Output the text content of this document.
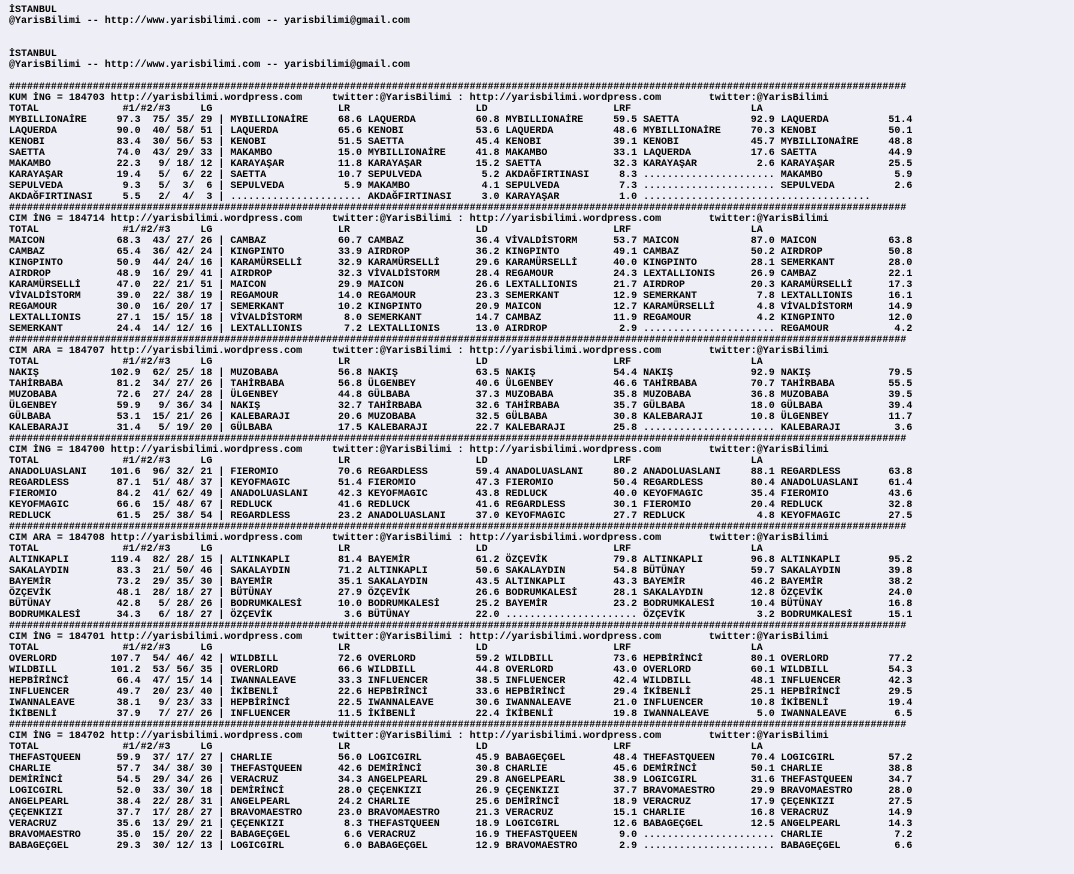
İSTANBUL
@YarisBilimi -- http://www.yarisbilimi.com -- yarisbilimi@gmail.com
İSTANBUL
@YarisBilimi -- http://www.yarisbilimi.com -- yarisbilimi@gmail.com
######################################################################################################################################################
KUM İNG = 184703 http://yarisbilimi.wordpress.com     twitter:@YarisBilimi : http://yarisbilimi.wordpress.com        twitter:@YarisBilimi
TOTAL              #1/#2/#3     LG                     LR                     LD                     LRF                    LA
MYBILLIONAİRE     97.3  75/ 35/ 29 | MYBILLIONAİRE     68.6 LAQUERDA          60.8 MYBILLIONAİRE     59.5 SAETTA            92.9 LAQUERDA          51.4
LAQUERDA          90.0  40/ 58/ 51 | LAQUERDA          65.6 KENOBI            53.6 LAQUERDA          48.6 MYBILLIONAİRE     70.3 KENOBI            50.1
KENOBI            83.4  30/ 56/ 53 | KENOBI            51.5 SAETTA            45.4 KENOBI            39.1 KENOBI            45.7 MYBILLIONAİRE     48.8
SAETTA            74.0  43/ 29/ 33 | MAKAMBO           15.0 MYBILLIONAİRE     41.8 MAKAMBO           33.1 LAQUERDA          17.6 SAETTA            44.9
MAKAMBO           22.3   9/ 18/ 12 | KARAYAŞAR         11.8 KARAYAŞAR         15.2 SAETTA            32.3 KARAYAŞAR          2.6 KARAYAŞAR         25.5
KARAYAŞAR         19.4   5/  6/ 22 | SAETTA            10.7 SEPULVEDA          5.2 AKDAĞFIRTINASI     8.3 ...................... MAKAMBO            5.9
SEPULVEDA          9.3   5/  3/  6 | SEPULVEDA          5.9 MAKAMBO            4.1 SEPULVEDA          7.3 ...................... SEPULVEDA          2.6
AKDAĞFIRTINASI     5.5   2/  4/  3 | ...................... AKDAĞFIRTINASI     3.0 KARAYAŞAR          1.0 ......................................
######################################################################################################################################################
CIM İNG = 184714 http://yarisbilimi.wordpress.com     twitter:@YarisBilimi : http://yarisbilimi.wordpress.com        twitter:@YarisBilimi
TOTAL              #1/#2/#3     LG                     LR                     LD                     LRF                    LA
MAICON            68.3  43/ 27/ 26 | CAMBAZ            60.7 CAMBAZ            36.4 VİVALDİSTORM      53.7 MAICON            87.0 MAICON            63.8
CAMBAZ            65.4  36/ 42/ 24 | KINGPINTO         33.9 AIRDROP           36.2 KINGPINTO         49.1 CAMBAZ            50.2 AIRDROP           50.8
KINGPINTO         50.9  44/ 24/ 16 | KARAMÜRSELLİ      32.9 KARAMÜRSELLİ      29.6 KARAMÜRSELLİ      40.0 KINGPINTO         28.1 SEMERKANT         28.0
AIRDROP           48.9  16/ 29/ 41 | AIRDROP           32.3 VİVALDİSTORM      28.4 REGAMOUR          24.3 LEXTALLIONIS      26.9 CAMBAZ            22.1
KARAMÜRSELLİ      47.0  22/ 21/ 51 | MAICON            29.9 MAICON            26.6 LEXTALLIONIS      21.7 AIRDROP           20.3 KARAMÜRSELLİ      17.3
VİVALDİSTORM      39.0  22/ 38/ 19 | REGAMOUR          14.0 REGAMOUR          23.3 SEMERKANT         12.9 SEMERKANT          7.8 LEXTALLIONIS      16.1
REGAMOUR          30.0  16/ 20/ 17 | SEMERKANT         10.2 KINGPINTO         20.9 MAICON            12.7 KARAMÜRSELLİ       4.8 VİVALDİSTORM      14.9
LEXTALLIONIS      27.1  15/ 15/ 18 | VİVALDİSTORM       8.0 SEMERKANT         14.7 CAMBAZ            11.9 REGAMOUR           4.2 KINGPINTO         12.0
SEMERKANT         24.4  14/ 12/ 16 | LEXTALLIONIS       7.2 LEXTALLIONIS      13.0 AIRDROP            2.9 ...................... REGAMOUR           4.2
######################################################################################################################################################
CIM ARA = 184707 http://yarisbilimi.wordpress.com     twitter:@YarisBilimi : http://yarisbilimi.wordpress.com        twitter:@YarisBilimi
TOTAL              #1/#2/#3     LG                     LR                     LD                     LRF                    LA
NAKIŞ            102.9  62/ 25/ 18 | MUZOBABA          56.8 NAKIŞ             63.5 NAKIŞ             54.4 NAKIŞ             92.9 NAKIŞ             79.5
TAHİRBABA         81.2  34/ 27/ 26 | TAHİRBABA         56.8 ÜLGENBEY          40.6 ÜLGENBEY          46.6 TAHİRBABA         70.7 TAHİRBABA         55.5
MUZOBABA          72.6  27/ 24/ 28 | ÜLGENBEY          44.8 GÜLBABA           37.3 MUZOBABA          35.8 MUZOBABA          36.8 MUZOBABA          39.5
ÜLGENBEY          59.9   9/ 36/ 34 | NAKIŞ             32.7 TAHİRBABA         32.6 TAHİRBABA         35.7 GÜLBABA           18.0 GÜLBABA           39.4
GÜLBABA           53.1  15/ 21/ 26 | KALEBARAJI        20.6 MUZOBABA          32.5 GÜLBABA           30.8 KALEBARAJI        10.8 ÜLGENBEY          11.7
KALEBARAJI        31.4   5/ 19/ 20 | GÜLBABA           17.5 KALEBARAJI        22.7 KALEBARAJI        25.8 ...................... KALEBARAJI         3.6
######################################################################################################################################################
CIM İNG = 184700 http://yarisbilimi.wordpress.com     twitter:@YarisBilimi : http://yarisbilimi.wordpress.com        twitter:@YarisBilimi
TOTAL              #1/#2/#3     LG                     LR                     LD                     LRF                    LA
ANADOLUASLANI    101.6  96/ 32/ 21 | FIEROMIO          70.6 REGARDLESS        59.4 ANADOLUASLANI     80.2 ANADOLUASLANI     88.1 REGARDLESS        63.8
REGARDLESS        87.1  51/ 48/ 37 | KEYOFMAGIC        51.4 FIEROMIO          47.3 FIEROMIO          50.4 REGARDLESS        80.4 ANADOLUASLANI     61.4
FIEROMIO          84.2  41/ 62/ 49 | ANADOLUASLANI     42.3 KEYOFMAGIC        43.8 REDLUCK           40.0 KEYOFMAGIC        35.4 FIEROMIO          43.6
KEYOFMAGIC        66.6  15/ 48/ 67 | REDLUCK           41.6 REDLUCK           41.6 REGARDLESS        30.1 FIEROMIO          20.4 REDLUCK           32.8
REDLUCK           61.5  25/ 38/ 54 | REGARDLESS        23.2 ANADOLUASLANI     37.0 KEYOFMAGIC        27.7 REDLUCK            4.8 KEYOFMAGIC        27.5
######################################################################################################################################################
CIM ARA = 184708 http://yarisbilimi.wordpress.com     twitter:@YarisBilimi : http://yarisbilimi.wordpress.com        twitter:@YarisBilimi
TOTAL              #1/#2/#3     LG                     LR                     LD                     LRF                    LA
ALTINKAPLI       119.4  82/ 28/ 15 | ALTINKAPLI        81.4 BAYEMİR           61.2 ÖZÇEVİK           79.8 ALTINKAPLI        96.8 ALTINKAPLI        95.2
SAKALAYDIN        83.3  21/ 50/ 46 | SAKALAYDIN        71.2 ALTINKAPLI        50.6 SAKALAYDIN        54.8 BÜTÜNAY           59.7 SAKALAYDIN        39.8
BAYEMİR           73.2  29/ 35/ 30 | BAYEMİR           35.1 SAKALAYDIN        43.5 ALTINKAPLI        43.3 BAYEMİR           46.2 BAYEMİR           38.2
ÖZÇEVİK           48.1  28/ 18/ 27 | BÜTÜNAY           27.9 ÖZÇEVİK           26.6 BODRUMKALESİ      28.1 SAKALAYDIN        12.8 ÖZÇEVİK           24.0
BÜTÜNAY           42.8   5/ 28/ 26 | BODRUMKALESİ      10.0 BODRUMKALESİ      25.2 BAYEMİR           23.2 BODRUMKALESİ      10.4 BÜTÜNAY           16.8
BODRUMKALESİ      34.3   6/ 18/ 27 | ÖZÇEVİK            3.6 BÜTÜNAY           22.0 ...................... ÖZÇEVİK            3.2 BODRUMKALESİ      15.1
######################################################################################################################################################
CIM İNG = 184701 http://yarisbilimi.wordpress.com     twitter:@YarisBilimi : http://yarisbilimi.wordpress.com        twitter:@YarisBilimi
TOTAL              #1/#2/#3     LG                     LR                     LD                     LRF                    LA
OVERLORD         107.7  54/ 46/ 42 | WILDBILL          72.6 OVERLORD          59.2 WILDBILL          73.6 HEPBİRİNCİ        80.1 OVERLORD          77.2
WILDBILL         101.2  53/ 56/ 35 | OVERLORD          66.6 WILDBILL          44.8 OVERLORD          43.0 OVERLORD          60.1 WILDBILL          54.3
HEPBİRİNCİ        66.4  47/ 15/ 14 | IWANNALEAVE       33.3 INFLUENCER        38.5 INFLUENCER        42.4 WILDBILL          48.1 INFLUENCER        42.3
INFLUENCER        49.7  20/ 23/ 40 | İKİBENLİ          22.6 HEPBİRİNCİ        33.6 HEPBİRİNCİ        29.4 İKİBENLİ          25.1 HEPBİRİNCİ        29.5
IWANNALEAVE       38.1   9/ 23/ 33 | HEPBİRİNCİ        22.5 IWANNALEAVE       30.6 IWANNALEAVE       21.0 INFLUENCER        10.8 İKİBENLİ          19.4
İKİBENLİ          37.9   7/ 27/ 26 | INFLUENCER        11.5 İKİBENLİ          22.4 İKİBENLİ          19.8 IWANNALEAVE        5.0 IWANNALEAVE        6.5
######################################################################################################################################################
CIM İNG = 184702 http://yarisbilimi.wordpress.com     twitter:@YarisBilimi : http://yarisbilimi.wordpress.com        twitter:@YarisBilimi
TOTAL              #1/#2/#3     LG                     LR                     LD                     LRF                    LA
THEFASTQUEEN      59.9  37/ 17/ 27 | CHARLIE           56.0 LOGICGIRL         45.9 BABAGEÇGEL        48.4 THEFASTQUEEN      70.4 LOGICGIRL         57.2
CHARLIE           57.7  34/ 38/ 30 | THEFASTQUEEN      42.6 DEMİRİNCİ         30.8 CHARLIE           45.6 DEMİRİNCİ         50.1 CHARLIE           38.8
DEMİRİNCİ         54.5  29/ 34/ 26 | VERACRUZ          34.3 ANGELPEARL        29.8 ANGELPEARL        38.9 LOGICGIRL         31.6 THEFASTQUEEN      34.7
LOGICGIRL         52.0  33/ 30/ 18 | DEMİRİNCİ         28.0 ÇEÇENKIZI         26.9 ÇEÇENKIZI         37.7 BRAVOMAESTRO      29.9 BRAVOMAESTRO      28.0
ANGELPEARL        38.4  22/ 28/ 31 | ANGELPEARL        24.2 CHARLIE           25.6 DEMİRİNCİ         18.9 VERACRUZ          17.9 ÇEÇENKIZI         27.5
ÇEÇENKIZI         37.7  17/ 28/ 27 | BRAVOMAESTRO      23.0 BRAVOMAESTRO      21.3 VERACRUZ          15.1 CHARLIE           16.8 VERACRUZ          14.9
VERACRUZ          35.6  13/ 29/ 21 | ÇEÇENKIZI          8.3 THEFASTQUEEN      18.9 LOGICGIRL         12.6 BABAGEÇGEL        12.5 ANGELPEARL        14.3
BRAVOMAESTRO      35.0  15/ 20/ 22 | BABAGEÇGEL         6.6 VERACRUZ          16.9 THEFASTQUEEN       9.0 ...................... CHARLIE            7.2
BABAGEÇGEL        29.3  30/ 12/ 13 | LOGICGIRL          6.0 BABAGEÇGEL        12.9 BRAVOMAESTRO       2.9 ...................... BABAGEÇGEL         6.6
